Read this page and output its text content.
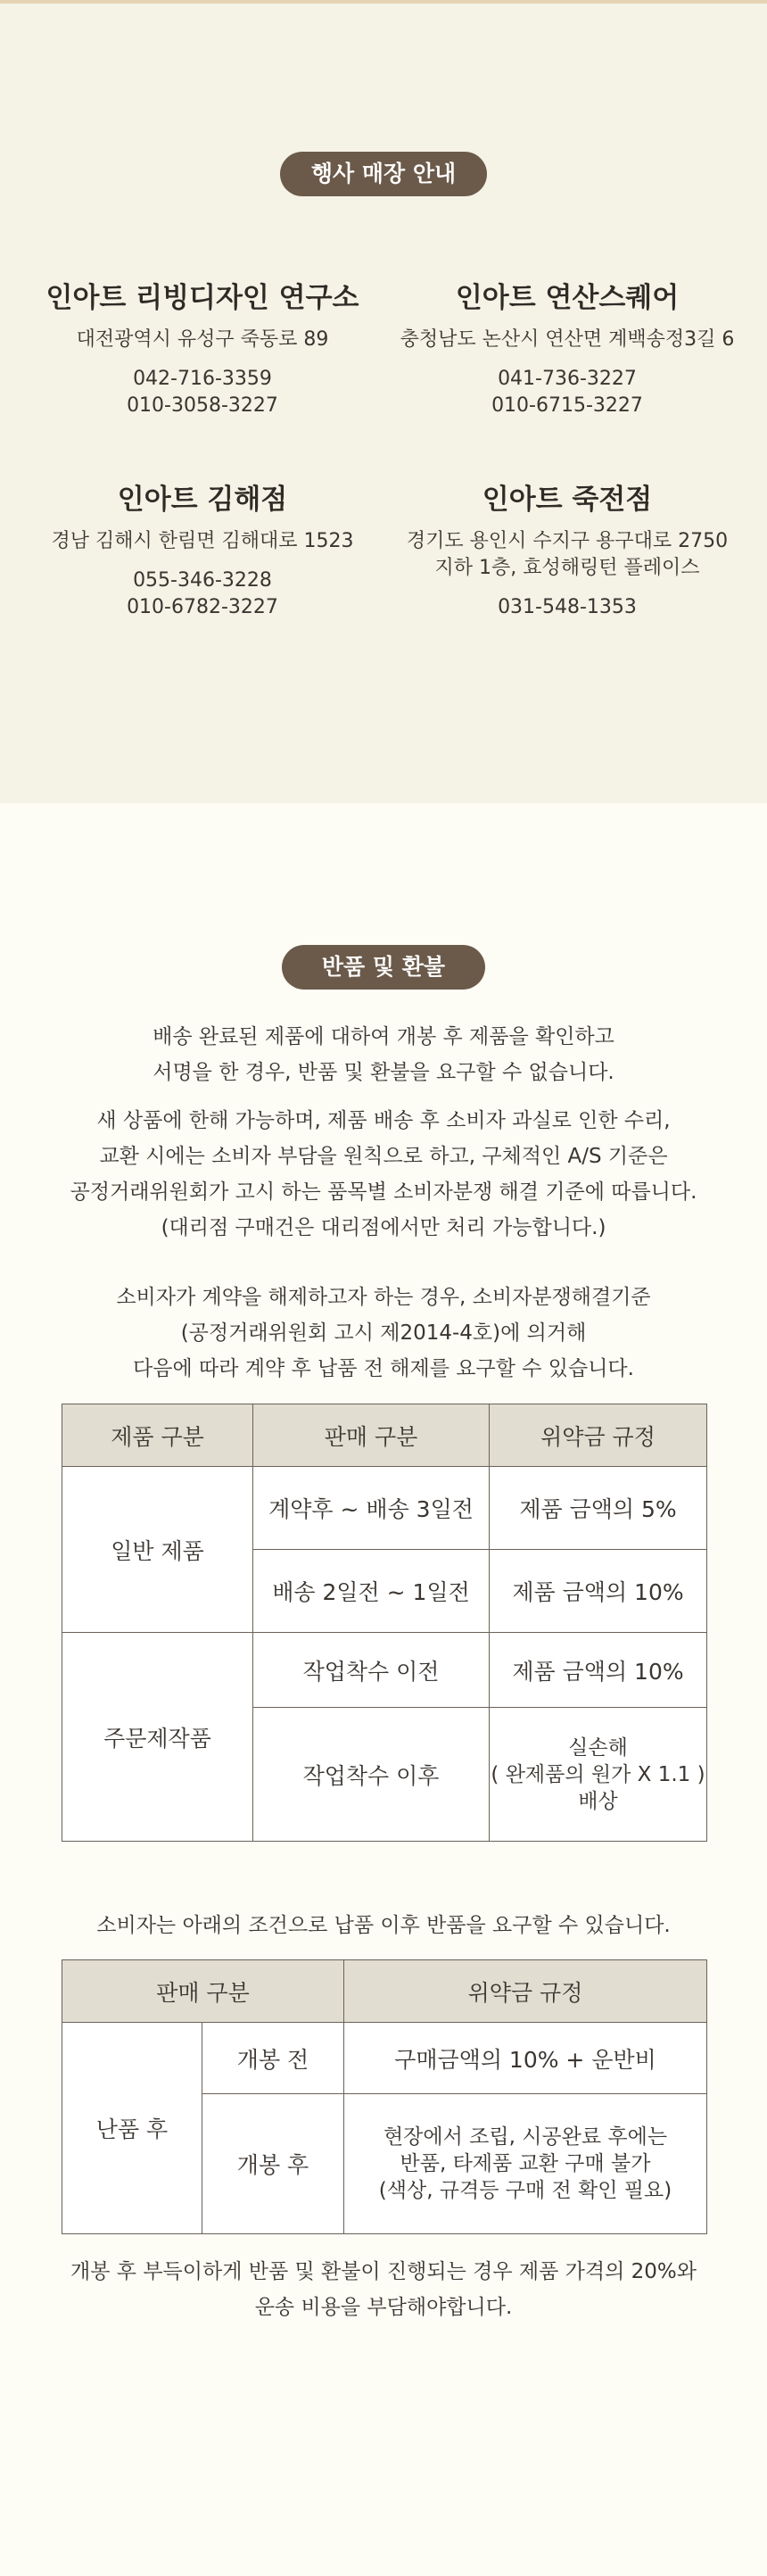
행사 매장 안내
인아트 리빙디자인 연구소
대전광역시 유성구 죽동로 89
042-716-3359
010-3058-3227
인아트 연산스퀘어
충청남도 논산시 연산면 계백송정3길 6
041-736-3227
010-6715-3227
인아트 김해점
경남 김해시 한림면 김해대로 1523
055-346-3228
010-6782-3227
인아트 죽전점
경기도 용인시 수지구 용구대로 2750
지하 1층, 효성해링턴 플레이스
031-548-1353
반품 및 환불
배송 완료된 제품에 대하여 개봉 후 제품을 확인하고
서명을 한 경우, 반품 및 환불을 요구할 수 없습니다.
새 상품에 한해 가능하며, 제품 배송 후 소비자 과실로 인한 수리,
교환 시에는 소비자 부담을 원칙으로 하고, 구체적인 A/S 기준은
공정거래위원회가 고시 하는 품목별 소비자분쟁 해결 기준에 따릅니다.
(대리점 구매건은 대리점에서만 처리 가능합니다.)
소비자가 계약을 해제하고자 하는 경우, 소비자분쟁해결기준
(공정거래위원회 고시 제2014-4호)에 의거해
다음에 따라 계약 후 납품 전 해제를 요구할 수 있습니다.
제품 구분	판매 구분	위약금 규정
일반 제품	계약후 ~ 배송 3일전	제품 금액의 5%
	배송 2일전 ~ 1일전	제품 금액의 10%
주문제작품	작업착수 이전	제품 금액의 10%
	작업착수 이후	실손해
( 완제품의 원가 X 1.1 )
배상
소비자는 아래의 조건으로 납품 이후 반품을 요구할 수 있습니다.
판매 구분		위약금 규정
난품 후	개봉 전	구매금액의 10% + 운반비
	개봉 후	현장에서 조립, 시공완료 후에는
반품, 타제품 교환 구매 불가
(색상, 규격등 구매 전 확인 필요)
개봉 후 부득이하게 반품 및 환불이 진행되는 경우 제품 가격의 20%와
운송 비용을 부담해야합니다.
